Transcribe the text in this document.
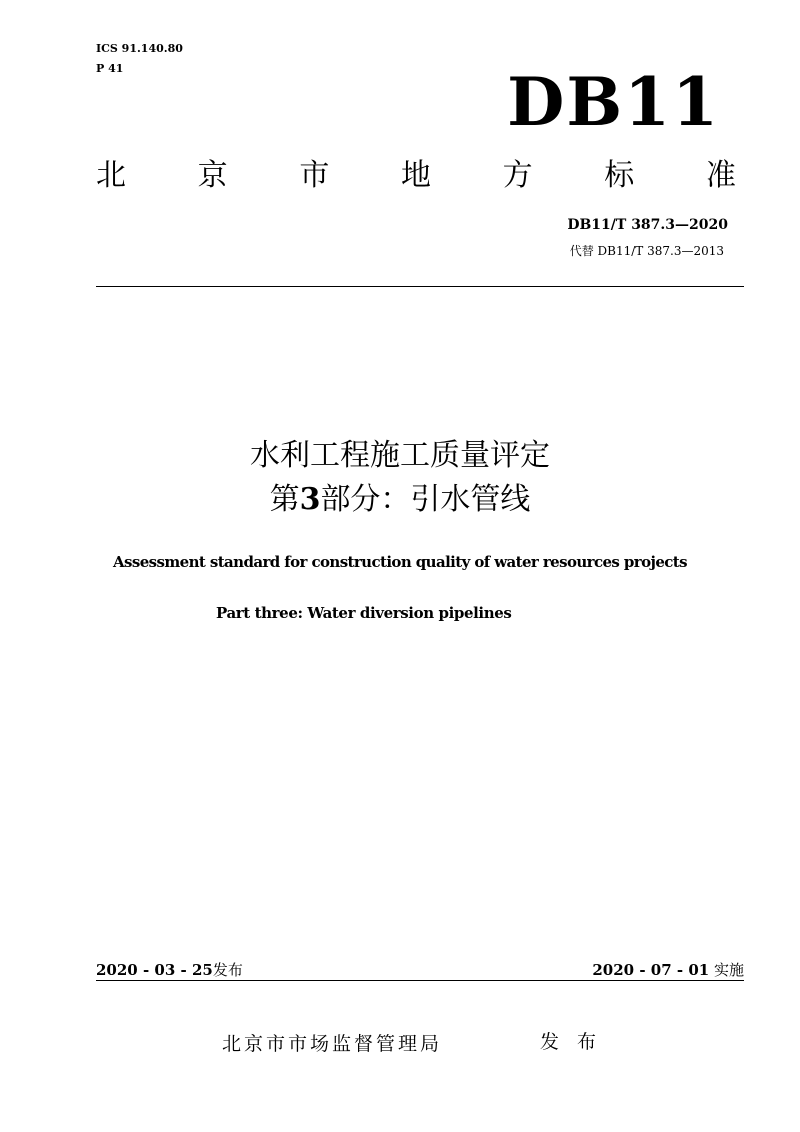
ICS 91.140.80
P 41	DB11
北 京 市 地 方 标 准
DB11/T 387.3—2020
代替 DB11/T 387.3—2013
水利工程施工质量评定
第3部分：引水管线
Assessment standard for construction quality of water resources projects
Part three: Water diversion pipelines
2020 - 03 - 25发布	2020 - 07 - 01 实施
北京市市场监督管理局	发 布
